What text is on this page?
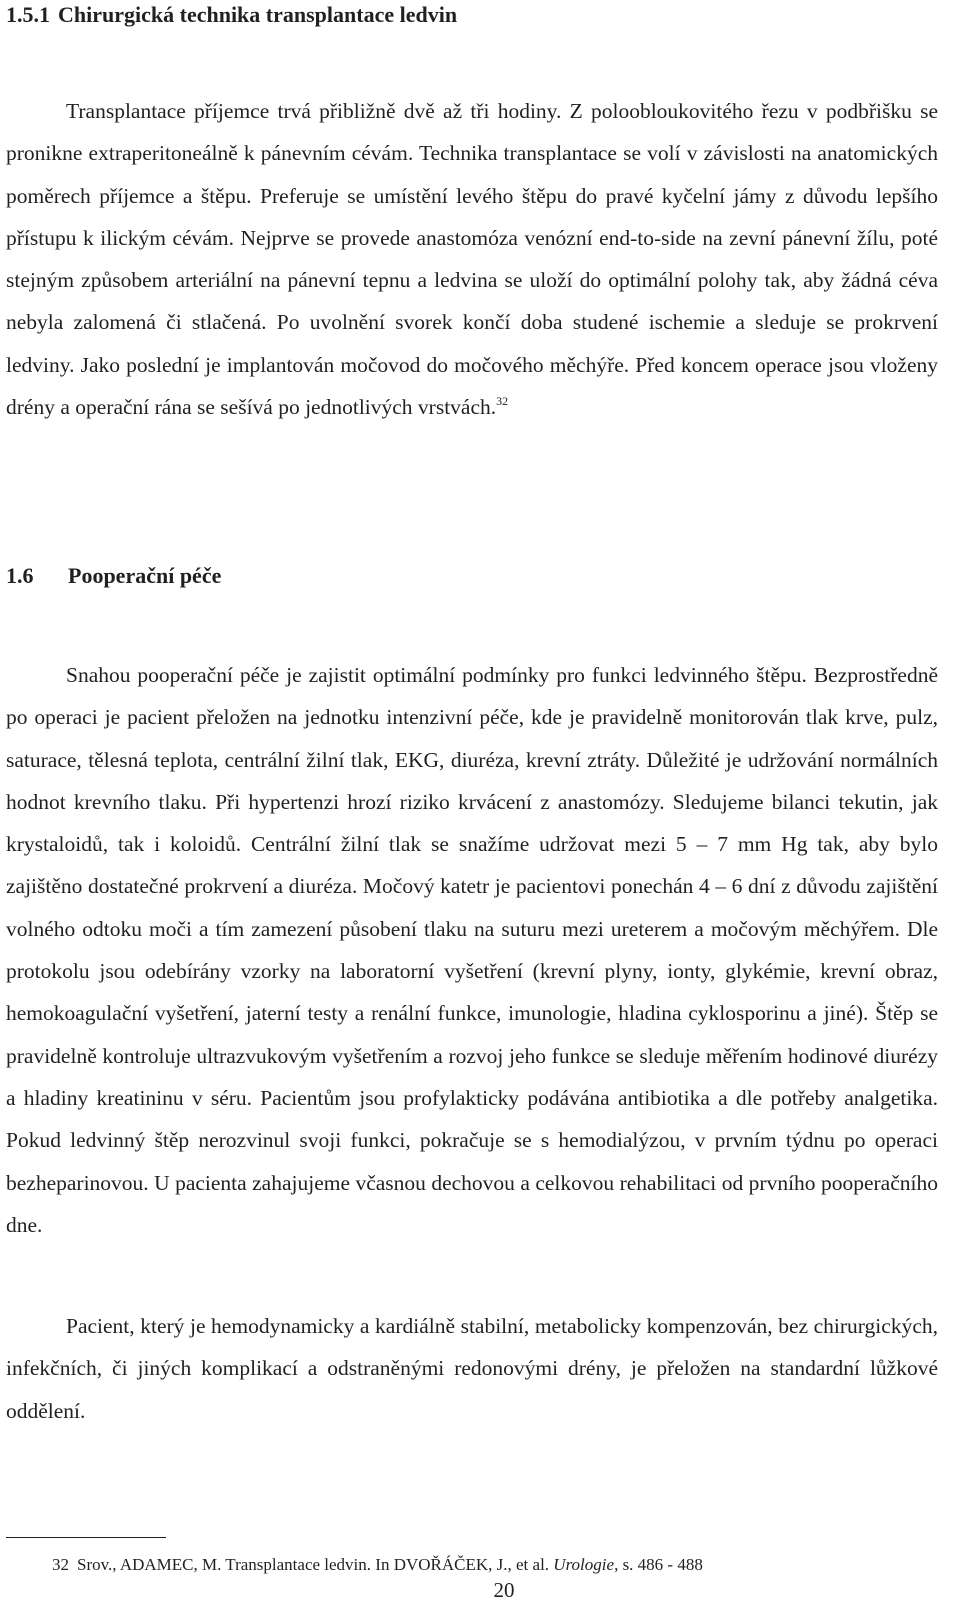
1.5.1 Chirurgická technika transplantace ledvin

Transplantace příjemce trvá přibližně dvě až tři hodiny. Z poloobloukovitého řezu v podbřišku se pronikne extraperitoneálně k pánevním cévám. Technika transplantace se volí v závislosti na anatomických poměrech příjemce a štěpu. Preferuje se umístění levého štěpu do pravé kyčelní jámy z důvodu lepšího přístupu k ilickým cévám. Nejprve se provede anastomóza venózní end-to-side na zevní pánevní žílu, poté stejným způsobem arteriální na pánevní tepnu a ledvina se uloží do optimální polohy tak, aby žádná céva nebyla zalomená či stlačená. Po uvolnění svorek končí doba studené ischemie a sleduje se prokrvení ledviny. Jako poslední je implantován močovod do močového měchýře. Před koncem operace jsou vloženy drény a operační rána se sešívá po jednotlivých vrstvách.$^{32}$

1.6 Pooperační péče

Snahou pooperační péče je zajistit optimální podmínky pro funkci ledvinného štěpu. Bezprostředně po operaci je pacient přeložen na jednotku intenzivní péče, kde je pravidelně monitorován tlak krve, pulz, saturace, tělesná teplota, centrální žilní tlak, EKG, diuréza, krevní ztráty. Důležité je udržování normálních hodnot krevního tlaku. Při hypertenzi hrozí riziko krvácení z anastomózy. Sledujeme bilanci tekutin, jak krystaloidů, tak i koloidů. Centrální žilní tlak se snažíme udržovat mezi 5 – 7 mm Hg tak, aby bylo zajištěno dostatečné prokrvení a diuréza. Močový katetr je pacientovi ponechán 4 – 6 dní z důvodu zajištění volného odtoku moči a tím zamezení působení tlaku na suturu mezi ureterem a močovým měchýřem. Dle protokolu jsou odebírány vzorky na laboratorní vyšetření (krevní plyny, ionty, glykémie, krevní obraz, hemokoagulační vyšetření, jaterní testy a renální funkce, imunologie, hladina cyklosporinu a jiné). Štěp se pravidelně kontroluje ultrazvukovým vyšetřením a rozvoj jeho funkce se sleduje měřením hodinové diurézy a hladiny kreatininu v séru. Pacientům jsou profylakticky podávána antibiotika a dle potřeby analgetika. Pokud ledvinný štěp nerozvinul svoji funkci, pokračuje se s hemodialýzou, v prvním týdnu po operaci bezheparinovou. U pacienta zahajujeme včasnou dechovou a celkovou rehabilitaci od prvního pooperačního dne.

Pacient, který je hemodynamicky a kardiálně stabilní, metabolicky kompenzován, bez chirurgických, infekčních, či jiných komplikací a odstraněnými redonovými drény, je přeložen na standardní lůžkové oddělení.

32 Srov., ADAMEC, M. Transplantace ledvin. In DVOŘÁČEK, J., et al. Urologie, s. 486 - 488

20
